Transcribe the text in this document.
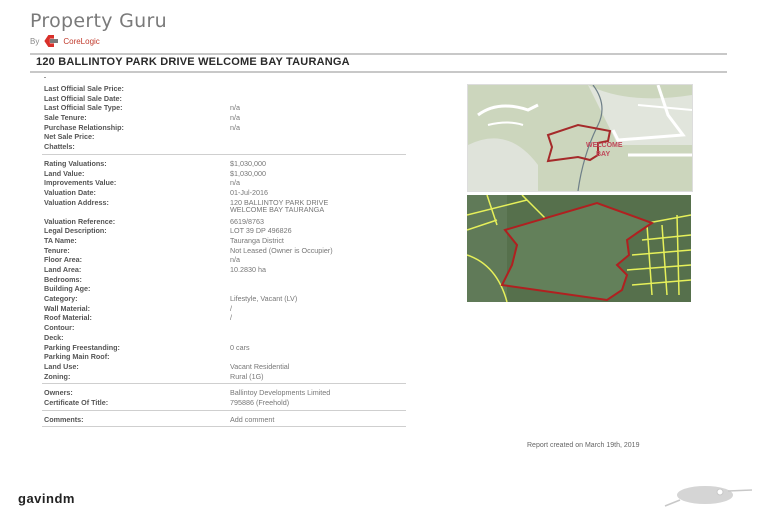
Property Guru
By	CoreLogic
120 BALLINTOY PARK DRIVE WELCOME BAY TAURANGA
Last Official Sale Price:
Last Official Sale Date:
Last Official Sale Type:	n/a
Sale Tenure:	n/a
Purchase Relationship:	n/a
Net Sale Price:
Chattels:
Rating Valuations:	$1,030,000
Land Value:	$1,030,000
Improvements Value:	n/a
Valuation Date:	01-Jul-2016
Valuation Address:	120 BALLINTOY PARK DRIVE
WELCOME BAY TAURANGA
Valuation Reference:	6619/8763
Legal Description:	LOT 39 DP 496826
TA Name:	Tauranga District
Tenure:	Not Leased (Owner is Occupier)
Floor Area:	n/a
Land Area:	10.2830 ha
Bedrooms:
Building Age:
Category:	Lifestyle, Vacant (LV)
Wall Material:	/
Roof Material:	/
Contour:
Deck:
Parking Freestanding:	0 cars
Parking Main Roof:
Land Use:	Vacant Residential
Zoning:	Rural (1G)
Owners:	Ballintoy Developments Limited
Certificate Of Title:	795886 (Freehold)
Comments:	Add comment
WELCOME
BAY
Report created on March 19th, 2019
gavindm
